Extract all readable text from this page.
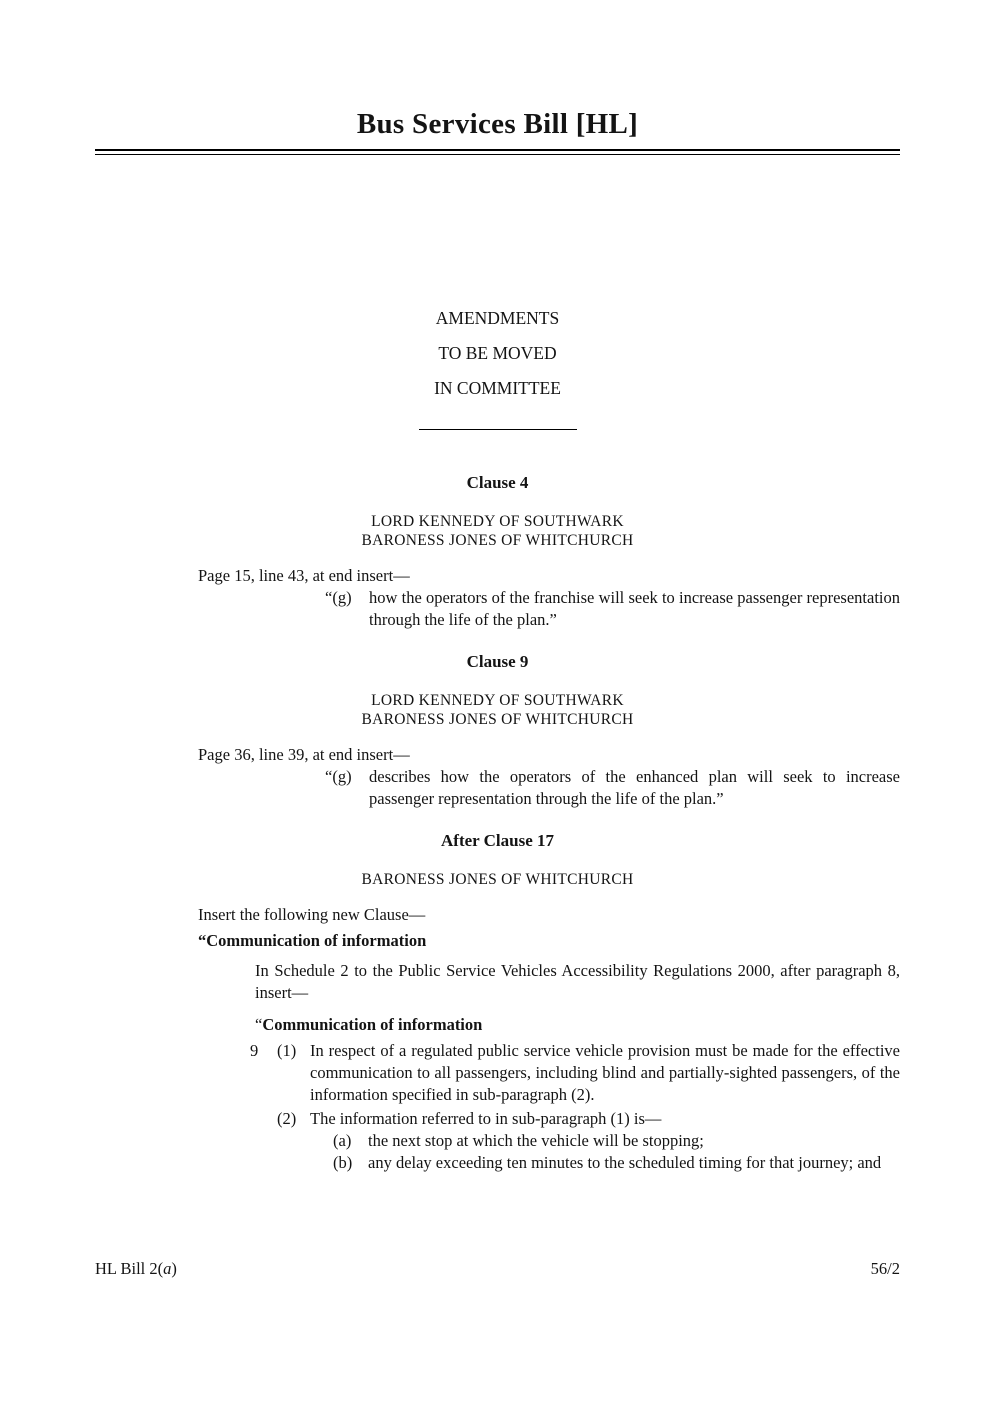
Bus Services Bill [HL]
AMENDMENTS
TO BE MOVED
IN COMMITTEE
Clause 4
LORD KENNEDY OF SOUTHWARK
BARONESS JONES OF WHITCHURCH
Page 15, line 43, at end insert—
“(g)	how the operators of the franchise will seek to increase passenger representation through the life of the plan.”
Clause 9
LORD KENNEDY OF SOUTHWARK
BARONESS JONES OF WHITCHURCH
Page 36, line 39, at end insert—
“(g)	describes how the operators of the enhanced plan will seek to increase passenger representation through the life of the plan.”
After Clause 17
BARONESS JONES OF WHITCHURCH
Insert the following new Clause—
“Communication of information
In Schedule 2 to the Public Service Vehicles Accessibility Regulations 2000, after paragraph 8, insert—
“Communication of information
9	(1) In respect of a regulated public service vehicle provision must be made for the effective communication to all passengers, including blind and partially-sighted passengers, of the information specified in sub-paragraph (2).
(2) The information referred to in sub-paragraph (1) is—
(a)	the next stop at which the vehicle will be stopping;
(b) any delay exceeding ten minutes to the scheduled timing for that journey; and
HL Bill 2(a)	56/2
